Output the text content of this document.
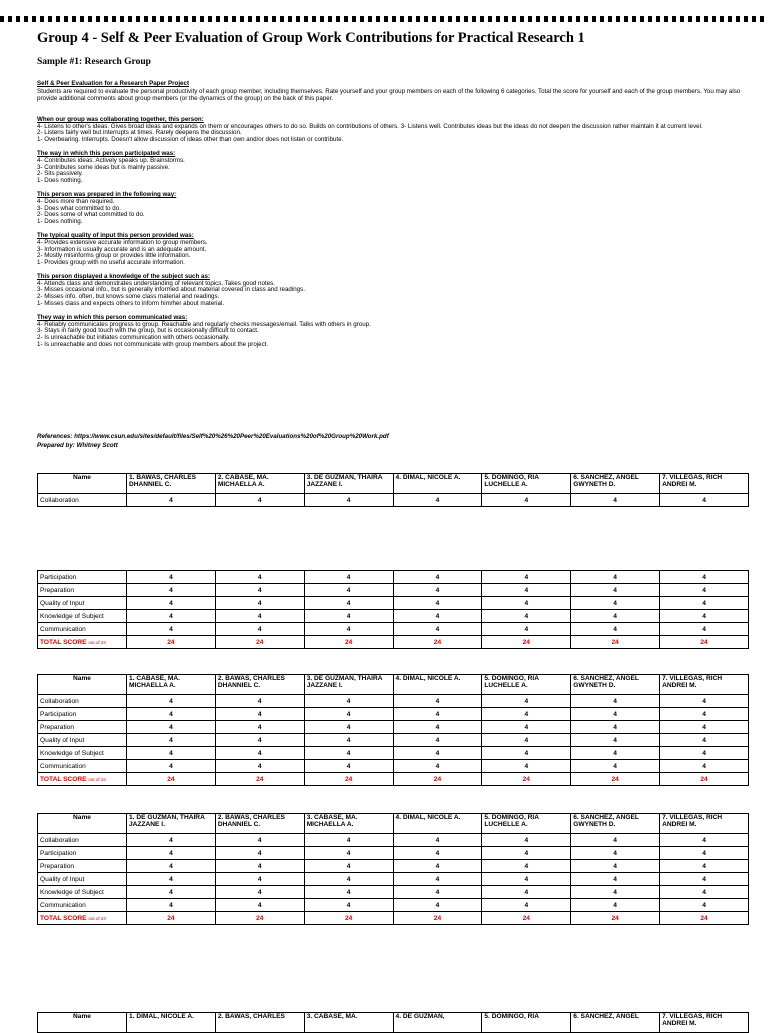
Group 4 - Self & Peer Evaluation of Group Work Contributions for Practical Research 1
Sample #1: Research Group
Self & Peer Evaluation for a Research Paper Project
Students are required to evaluate the personal productivity of each group member, including themselves. Rate yourself and your group members on each of the following 6 categories. Total the score for yourself and each of the group members. You may also provide additional comments about group members (or the dynamics of the group) on the back of this paper.
When our group was collaborating together, this person:
4- Listens to other's ideas. Gives broad ideas and expands on them or encourages others to do so. Builds on contributions of others. 3- Listens well. Contributes ideas but the ideas do not deepen the discussion rather maintain it at current level.
2- Listens fairly well but interrupts at times. Rarely deepens the discussion.
1- Overbearing. Interrupts. Doesn't allow discussion of ideas other than own and/or does not listen or contribute.
The way in which this person participated was:
4- Contributes ideas. Actively speaks up. Brainstorms.
3- Contributes some ideas but is mainly passive.
2- Sits passively.
1- Does nothing.
This person was prepared in the following way:
4- Does more than required.
3- Does what committed to do.
2- Does some of what committed to do.
1- Does nothing.
The typical quality of input this person provided was:
4- Provides extensive accurate information to group members.
3- Information is usually accurate and is an adequate amount.
2- Mostly misinforms group or provides little information.
1- Provides group with no useful accurate information.
This person displayed a knowledge of the subject such as:
4- Attends class and demonstrates understanding of relevant topics. Takes good notes.
3- Misses occasional info., but is generally informed about material covered in class and readings.
2- Misses info. often, but knows some class material and readings.
1- Misses class and expects others to inform him/her about material.
They way in which this person communicated was:
4- Reliably communicates progress to group. Reachable and regularly checks messages/email. Talks with others in group.
3- Stays in fairly good touch with the group, but is occasionally difficult to contact.
2- Is unreachable but initiates communication with others occasionally.
1- Is unreachable and does not communicate with group members about the project.
References: https://www.csun.edu/sites/default/files/Self%20%26%20Peer%20Evaluations%20of%20Group%20Work.pdf
Prepared by: Whitney Scott
Name	1. BAWAS, CHARLES DHANNIEL C.	2. CABASE, MA. MICHAELLA A.	3. DE GUZMAN, THAIRA JAZZANE I.	4. DIMAL, NICOLE A.	5. DOMINGO, RIA LUCHELLE A.	6. SANCHEZ, ANGEL GWYNETH D.	7. VILLEGAS, RICH ANDREI M.
Collaboration	4	4	4	4	4	4	4
Participation	4	4	4	4	4	4	4
Preparation	4	4	4	4	4	4	4
Quality of Input	4	4	4	4	4	4	4
Knowledge of Subject	4	4	4	4	4	4	4
Communication	4	4	4	4	4	4	4
TOTAL SCORE out of 24	24	24	24	24	24	24	24
Name	1. CABASE, MA. MICHAELLA A.	2. BAWAS, CHARLES DHANNIEL C.	3. DE GUZMAN, THAIRA JAZZANE I.	4. DIMAL, NICOLE A.	5. DOMINGO, RIA LUCHELLE A.	6. SANCHEZ, ANGEL GWYNETH D.	7. VILLEGAS, RICH ANDREI M.
Collaboration	4	4	4	4	4	4	4
Participation	4	4	4	4	4	4	4
Preparation	4	4	4	4	4	4	4
Quality of Input	4	4	4	4	4	4	4
Knowledge of Subject	4	4	4	4	4	4	4
Communication	4	4	4	4	4	4	4
TOTAL SCORE out of 24	24	24	24	24	24	24	24
Name	1. DE GUZMAN, THAIRA JAZZANE I.	2. BAWAS, CHARLES DHANNIEL C.	3. CABASE, MA. MICHAELLA A.	4. DIMAL, NICOLE A.	5. DOMINGO, RIA LUCHELLE A.	6. SANCHEZ, ANGEL GWYNETH D.	7. VILLEGAS, RICH ANDREI M.
Collaboration	4	4	4	4	4	4	4
Participation	4	4	4	4	4	4	4
Preparation	4	4	4	4	4	4	4
Quality of Input	4	4	4	4	4	4	4
Knowledge of Subject	4	4	4	4	4	4	4
Communication	4	4	4	4	4	4	4
TOTAL SCORE out of 24	24	24	24	24	24	24	24
Name	1. DIMAL, NICOLE A.	2. BAWAS, CHARLES	3. CABASE, MA.	4. DE GUZMAN,	5. DOMINGO, RIA	6. SANCHEZ, ANGEL	7. VILLEGAS, RICH ANDREI M.
